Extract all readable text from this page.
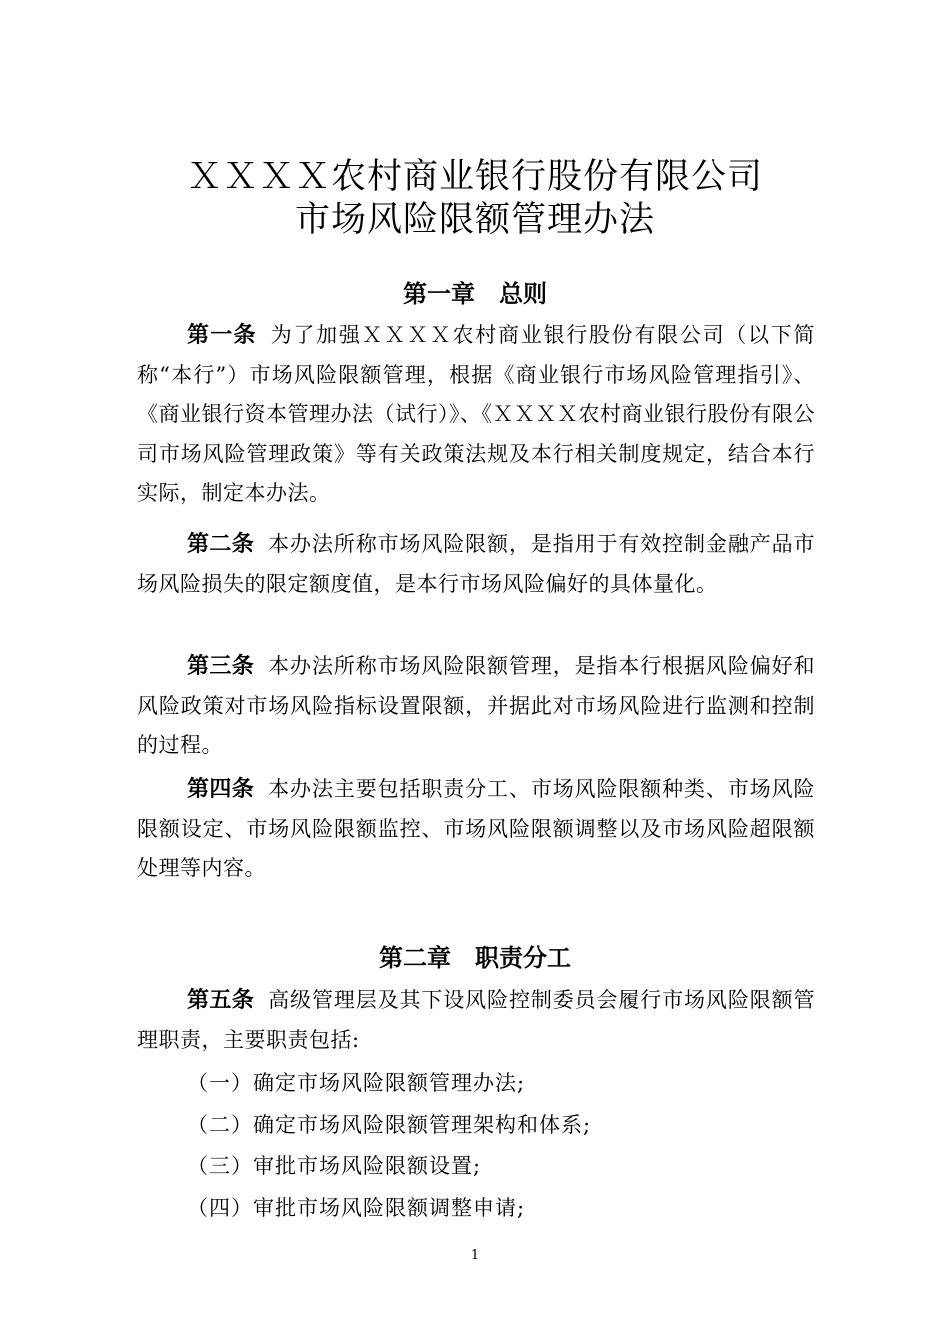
ＸＸＸＸ农村商业银行股份有限公司
市场风险限额管理办法
第一章　总则
第一条 为了加强ＸＸＸＸ农村商业银行股份有限公司（以下简称“本行”）市场风险限额管理，根据《商业银行市场风险管理指引》、《商业银行资本管理办法（试行）》、《ＸＸＸＸ农村商业银行股份有限公司市场风险管理政策》等有关政策法规及本行相关制度规定，结合本行实际，制定本办法。
第二条 本办法所称市场风险限额，是指用于有效控制金融产品市场风险损失的限定额度值，是本行市场风险偏好的具体量化。
第三条 本办法所称市场风险限额管理，是指本行根据风险偏好和风险政策对市场风险指标设置限额，并据此对市场风险进行监测和控制的过程。
第四条 本办法主要包括职责分工、市场风险限额种类、市场风险限额设定、市场风险限额监控、市场风险限额调整以及市场风险超限额处理等内容。
第二章　职责分工
第五条 高级管理层及其下设风险控制委员会履行市场风险限额管理职责，主要职责包括:
（一）确定市场风险限额管理办法;
（二）确定市场风险限额管理架构和体系;
（三）审批市场风险限额设置;
（四）审批市场风险限额调整申请;
1
